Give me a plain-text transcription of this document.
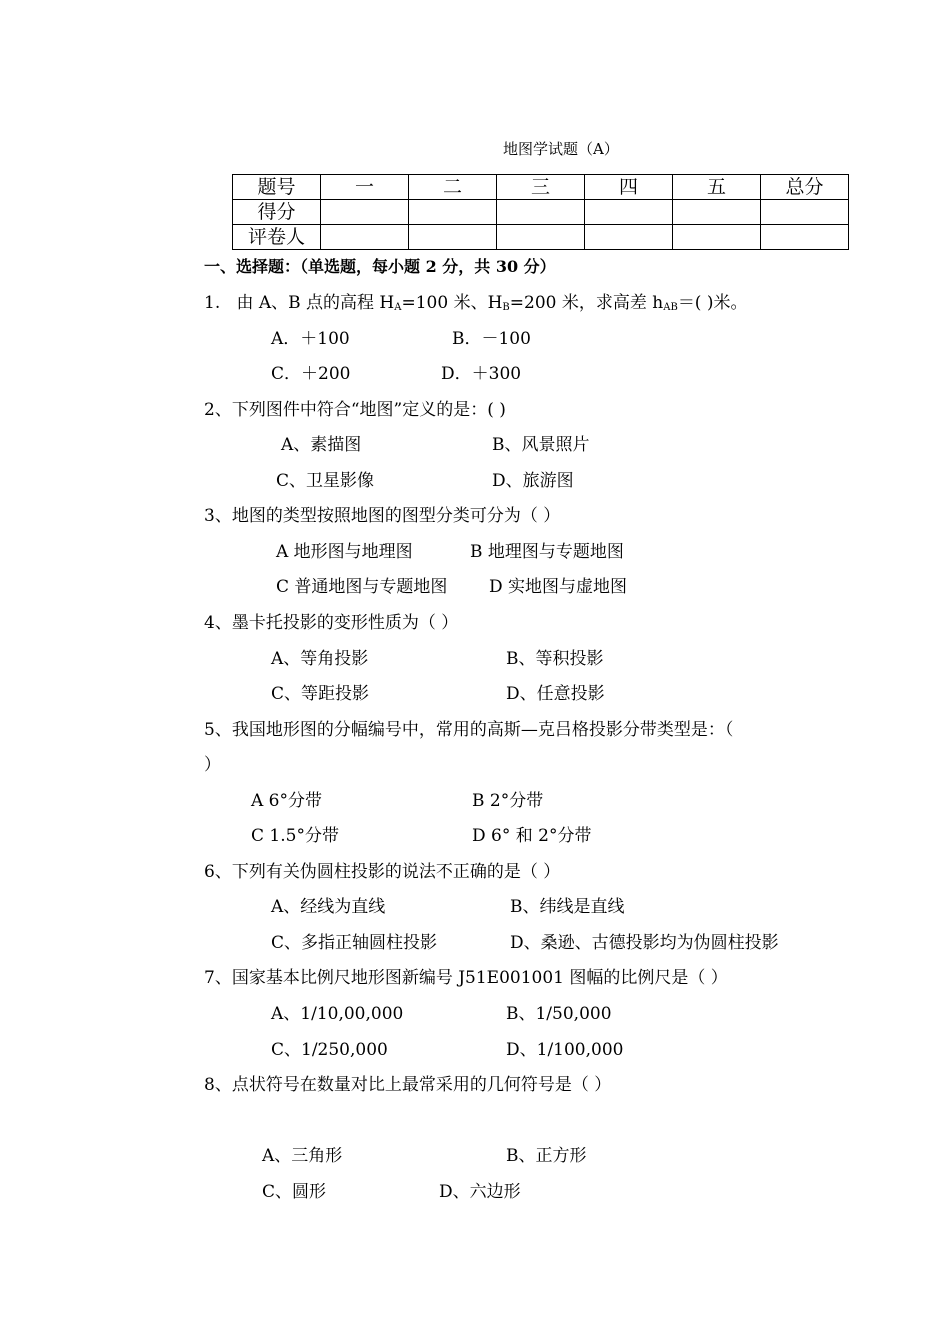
地图学试题（A）
题号	一	二	三	四	五	总分
得分						
评卷人						
一、选择题：（单选题，每小题 2 分，共 30 分）
1. 由 A、B 点的高程 $H_A=100$ 米、$H_B=200$ 米，求高差 $h_{AB}=$( )米。
A．＋100	B．－100
C．＋200	D．＋300
2、下列图件中符合“地图”定义的是：( )
A、素描图	B、风景照片
C、卫星影像	D、旅游图
3、地图的类型按照地图的图型分类可分为（ ）
A 地形图与地理图	B 地理图与专题地图
C 普通地图与专题地图 D 实地图与虚地图
4、墨卡托投影的变形性质为（ ）
A、等角投影	B、等积投影
C、等距投影	D、任意投影
5、我国地形图的分幅编号中，常用的高斯—克吕格投影分带类型是：（
）
A 6°分带	B 2°分带
C 1.5°分带	D 6° 和 2°分带
6、下列有关伪圆柱投影的说法不正确的是（ ）
A、经线为直线	B、纬线是直线
C、多指正轴圆柱投影	D、桑逊、古德投影均为伪圆柱投影
7、国家基本比例尺地形图新编号 J51E001001 图幅的比例尺是（ ）
A、1/10,00,000	B、1/50,000
C、1/250,000	D、1/100,000
8、点状符号在数量对比上最常采用的几何符号是（ ）
A、三角形	B、正方形
C、圆形	D、六边形
